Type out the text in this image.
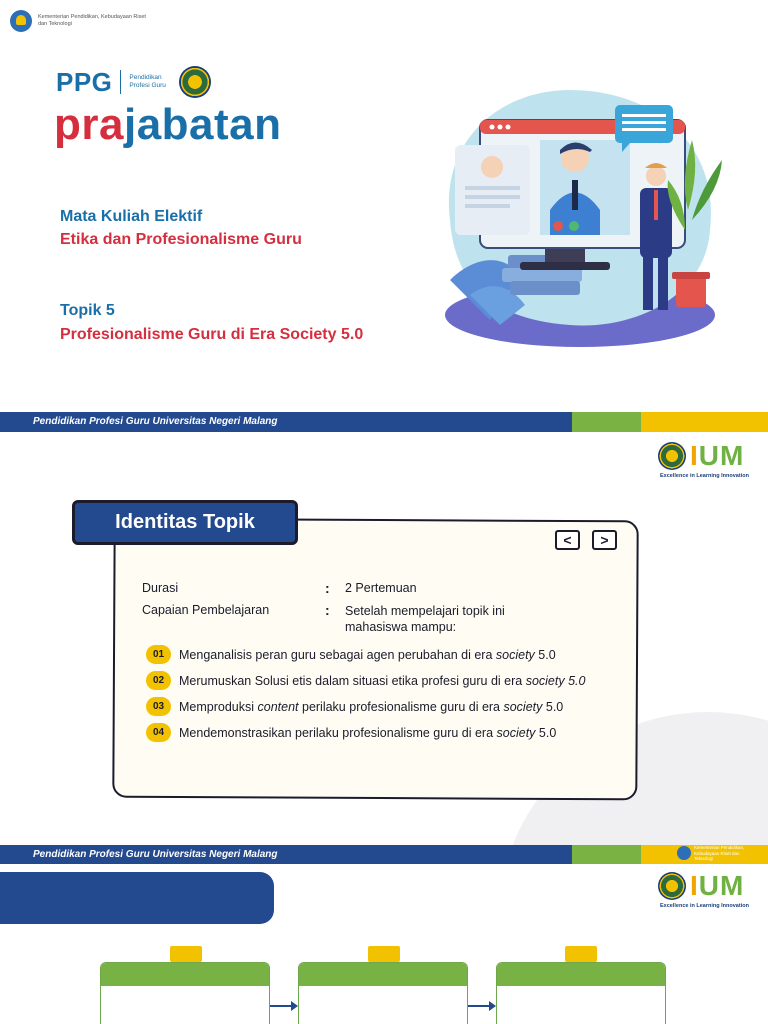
Kementerian Pendidikan, Kebudayaan Riset dan Teknologi
PPG	Pendidikan Profesi Guru
prajabatan
Mata Kuliah Elektif
Etika dan Profesionalisme Guru
Topik 5
Profesionalisme Guru di Era Society 5.0
Pendidikan Profesi Guru Universitas Negeri Malang
IUM
Excellence in Learning Innovation
Identitas Topik
<	>
Durasi	: 2 Pertemuan
Capaian Pembelajaran	: Setelah mempelajari topik ini mahasiswa mampu:
01	Menganalisis peran guru sebagai agen perubahan di era society 5.0
02	Merumuskan Solusi etis dalam situasi etika profesi guru di era society 5.0
03	Memproduksi content perilaku profesionalisme guru di era society 5.0
04	Mendemonstrasikan perilaku profesionalisme guru di era society 5.0
Pendidikan Profesi Guru Universitas Negeri Malang
Kementerian Pendidikan, Kebudayaan Riset dan Teknologi
IUM
Excellence in Learning Innovation
